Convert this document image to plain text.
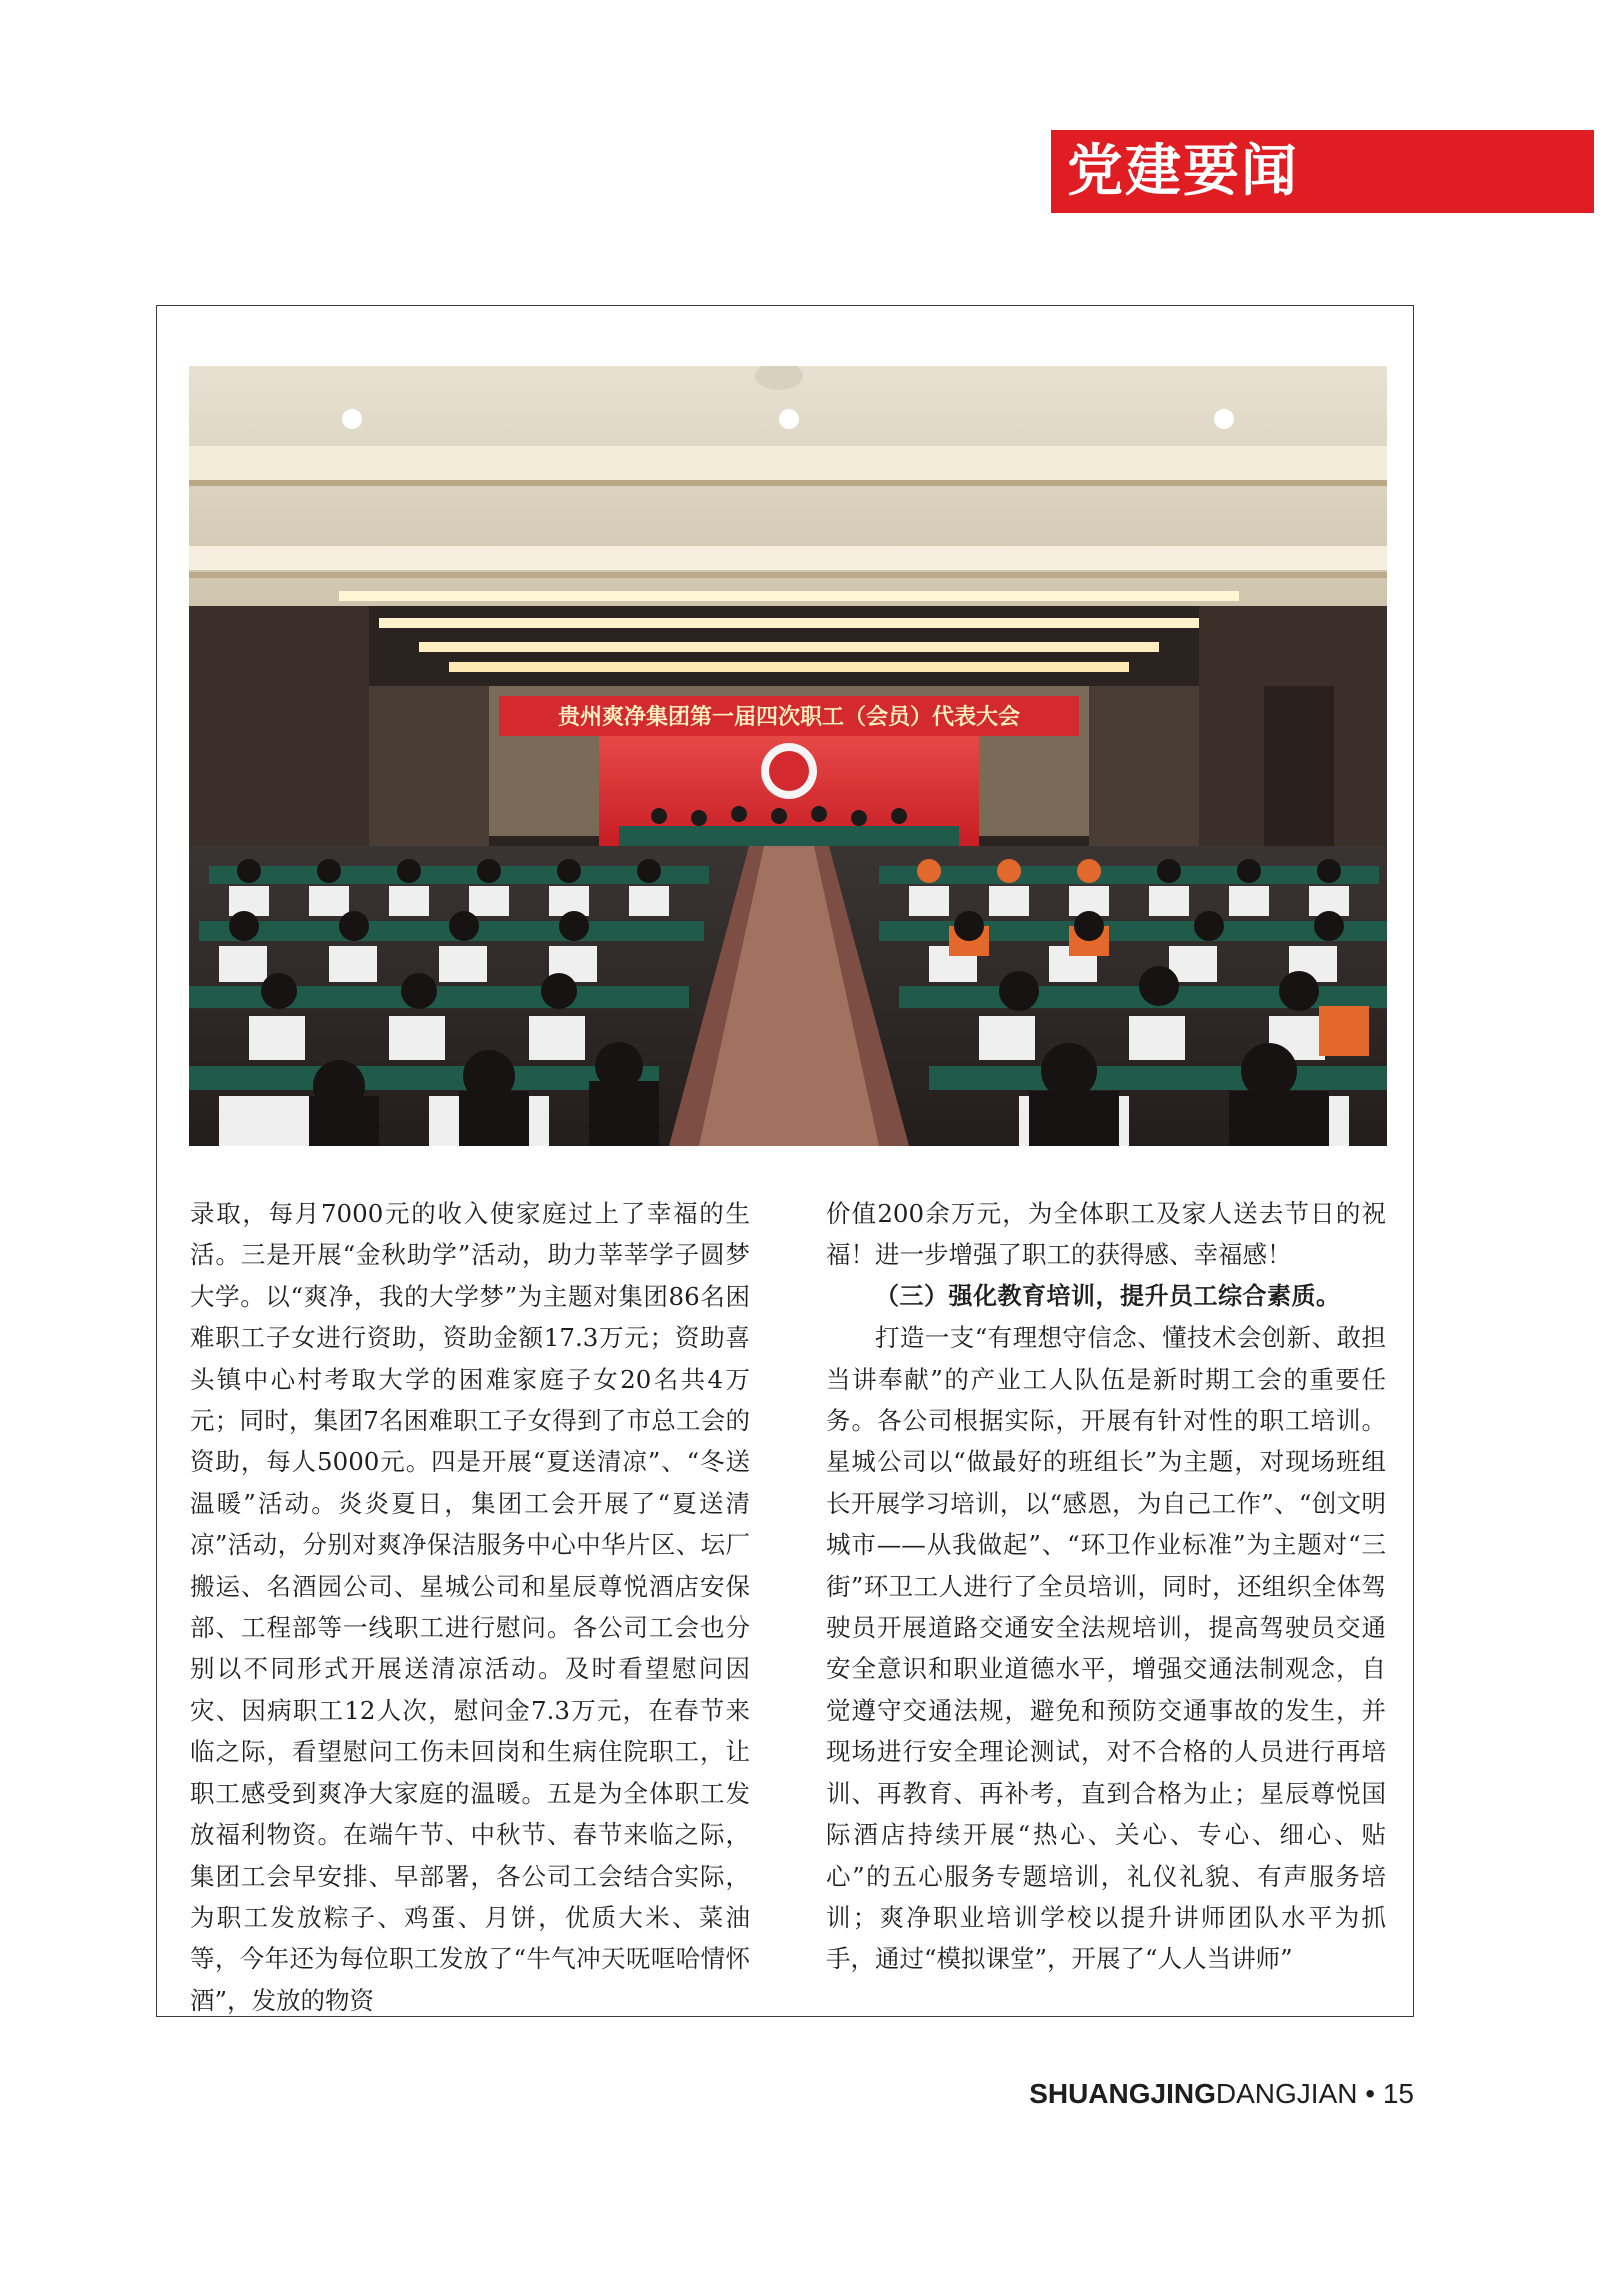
党建要闻
贵州爽净集团第一届四次职工（会员）代表大会

录取，每月7000元的收入使家庭过上了幸福的生活。三是开展“金秋助学”活动，助力莘莘学子圆梦大学。以“爽净，我的大学梦”为主题对集团86名困难职工子女进行资助，资助金额17.3万元；资助喜头镇中心村考取大学的困难家庭子女20名共4万元；同时，集团7名困难职工子女得到了市总工会的资助，每人5000元。四是开展“夏送清凉”、“冬送温暖”活动。炎炎夏日，集团工会开展了“夏送清凉”活动，分别对爽净保洁服务中心中华片区、坛厂搬运、名酒园公司、星城公司和星辰尊悦酒店安保部、工程部等一线职工进行慰问。各公司工会也分别以不同形式开展送清凉活动。及时看望慰问因灾、因病职工12人次，慰问金7.3万元，在春节来临之际，看望慰问工伤未回岗和生病住院职工，让职工感受到爽净大家庭的温暖。五是为全体职工发放福利物资。在端午节、中秋节、春节来临之际，集团工会早安排、早部署，各公司工会结合实际，为职工发放粽子、鸡蛋、月饼，优质大米、菜油等，今年还为每位职工发放了“牛气冲天呒哐哈情怀酒”，发放的物资

价值200余万元，为全体职工及家人送去节日的祝福！进一步增强了职工的获得感、幸福感！

（三）强化教育培训，提升员工综合素质。

打造一支“有理想守信念、懂技术会创新、敢担当讲奉献”的产业工人队伍是新时期工会的重要任务。各公司根据实际，开展有针对性的职工培训。星城公司以“做最好的班组长”为主题，对现场班组长开展学习培训，以“感恩，为自己工作”、“创文明城市——从我做起”、“环卫作业标准”为主题对“三街”环卫工人进行了全员培训，同时，还组织全体驾驶员开展道路交通安全法规培训，提高驾驶员交通安全意识和职业道德水平，增强交通法制观念，自觉遵守交通法规，避免和预防交通事故的发生，并现场进行安全理论测试，对不合格的人员进行再培训、再教育、再补考，直到合格为止；星辰尊悦国际酒店持续开展“热心、关心、专心、细心、贴心”的五心服务专题培训，礼仪礼貌、有声服务培训；爽净职业培训学校以提升讲师团队水平为抓手，通过“模拟课堂”，开展了“人人当讲师”

SHUANGJINGDANGJIAN • 15
